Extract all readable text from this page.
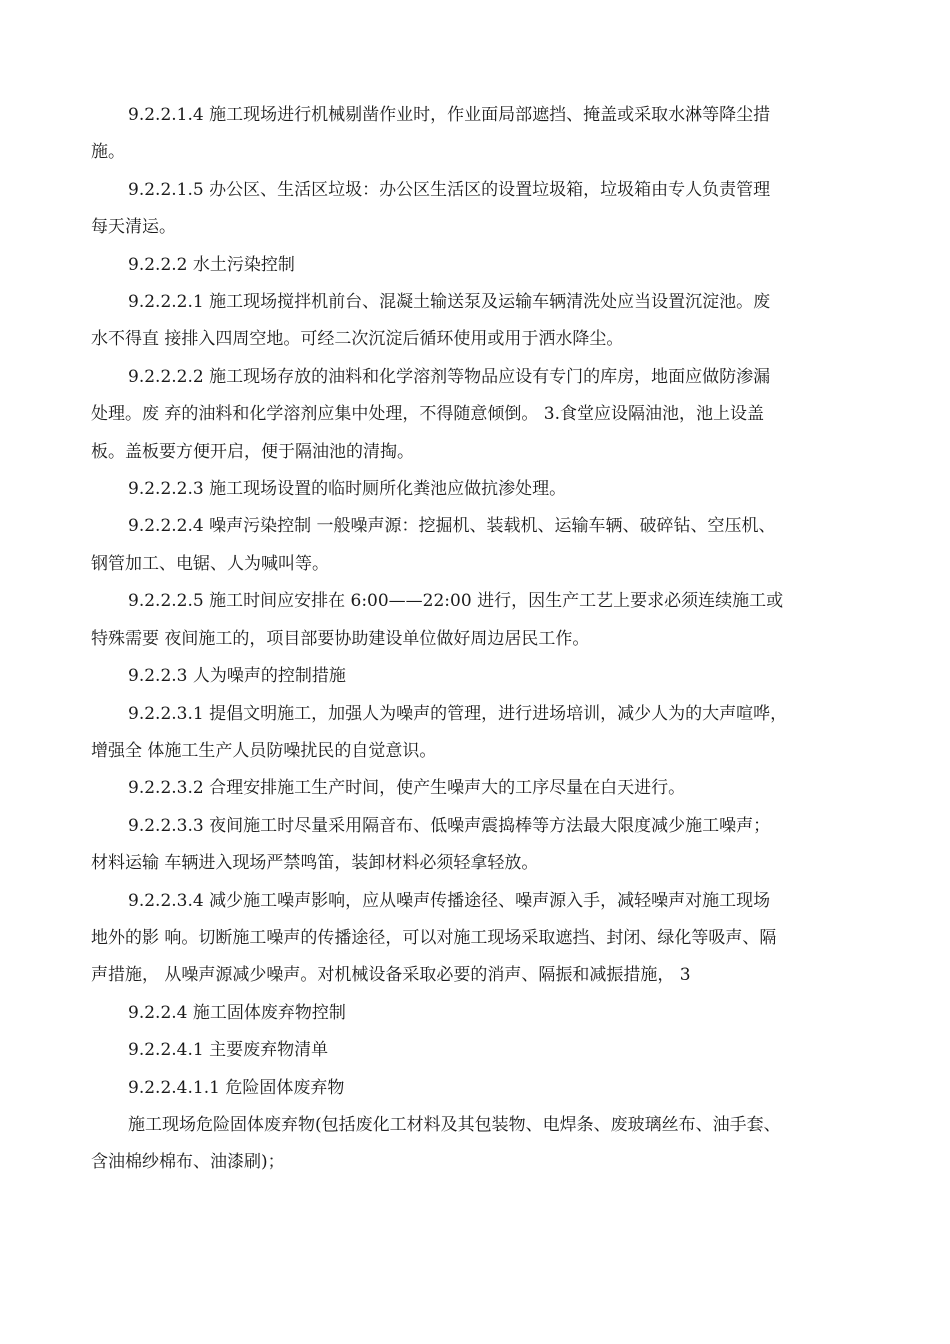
9.2.2.1.4 施工现场进行机械剔凿作业时，作业面局部遮挡、掩盖或采取水淋等降尘措
施。
9.2.2.1.5 办公区、生活区垃圾：办公区生活区的设置垃圾箱，垃圾箱由专人负责管理
每天清运。
9.2.2.2 水土污染控制
9.2.2.2.1 施工现场搅拌机前台、混凝土输送泵及运输车辆清洗处应当设置沉淀池。废
水不得直 接排入四周空地。可经二次沉淀后循环使用或用于洒水降尘。
9.2.2.2.2 施工现场存放的油料和化学溶剂等物品应设有专门的库房，地面应做防渗漏
处理。废 弃的油料和化学溶剂应集中处理，不得随意倾倒。 3.食堂应设隔油池，池上设盖
板。盖板要方便开启，便于隔油池的清掏。
9.2.2.2.3 施工现场设置的临时厕所化粪池应做抗渗处理。
9.2.2.2.4 噪声污染控制 一般噪声源：挖掘机、装载机、运输车辆、破碎钻、空压机、
钢管加工、电锯、人为喊叫等。
9.2.2.2.5 施工时间应安排在 6:00——22:00 进行，因生产工艺上要求必须连续施工或
特殊需要 夜间施工的，项目部要协助建设单位做好周边居民工作。
9.2.2.3 人为噪声的控制措施
9.2.2.3.1 提倡文明施工，加强人为噪声的管理，进行进场培训，减少人为的大声喧哗，
增强全 体施工生产人员防噪扰民的自觉意识。
9.2.2.3.2 合理安排施工生产时间，使产生噪声大的工序尽量在白天进行。
9.2.2.3.3 夜间施工时尽量采用隔音布、低噪声震捣棒等方法最大限度减少施工噪声；
材料运输 车辆进入现场严禁鸣笛，装卸材料必须轻拿轻放。
9.2.2.3.4 减少施工噪声影响，应从噪声传播途径、噪声源入手，减轻噪声对施工现场
地外的影 响。切断施工噪声的传播途径，可以对施工现场采取遮挡、封闭、绿化等吸声、隔
声措施， 从噪声源减少噪声。对机械设备采取必要的消声、隔振和减振措施， 3
9.2.2.4 施工固体废弃物控制
9.2.2.4.1 主要废弃物清单
9.2.2.4.1.1 危险固体废弃物
施工现场危险固体废弃物(包括废化工材料及其包装物、电焊条、废玻璃丝布、油手套、
含油棉纱棉布、油漆刷)；
